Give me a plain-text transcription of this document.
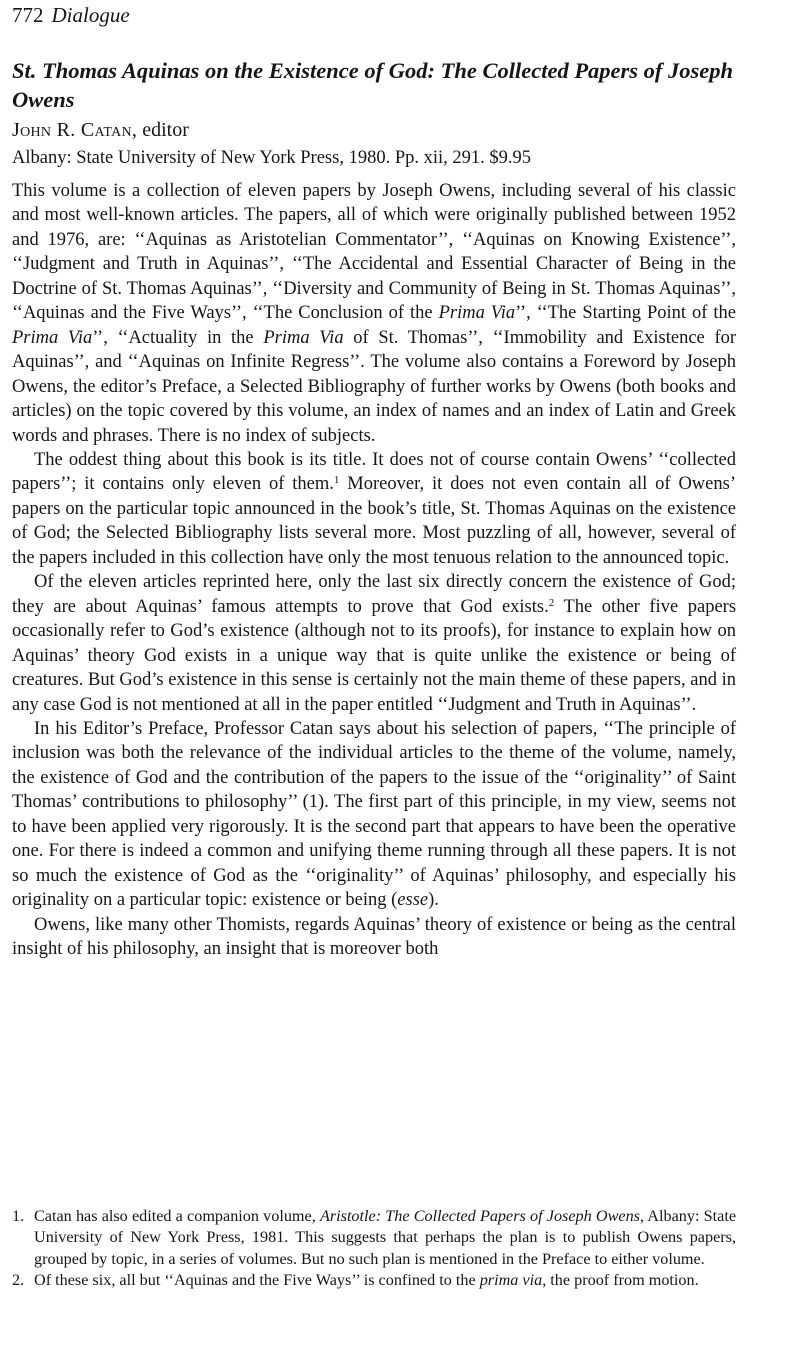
772 Dialogue
St. Thomas Aquinas on the Existence of God: The Collected Papers of Joseph Owens
John R. Catan, editor
Albany: State University of New York Press, 1980. Pp. xii, 291. $9.95

This volume is a collection of eleven papers by Joseph Owens, including several of his classic and most well-known articles. The papers, all of which were originally published between 1952 and 1976, are: ‘‘Aquinas as Aristotelian Commentator’’, ‘‘Aquinas on Knowing Existence’’, ‘‘Judgment and Truth in Aquinas’’, ‘‘The Accidental and Essential Character of Being in the Doctrine of St. Thomas Aquinas’’, ‘‘Diversity and Community of Being in St. Thomas Aquinas’’, ‘‘Aquinas and the Five Ways’’, ‘‘The Conclusion of the Prima Via’’, ‘‘The Starting Point of the Prima Via’’, ‘‘Actuality in the Prima Via of St. Thomas’’, ‘‘Immobility and Existence for Aquinas’’, and ‘‘Aquinas on Infinite Regress’’. The volume also contains a Foreword by Joseph Owens, the editor’s Preface, a Selected Bibliography of further works by Owens (both books and articles) on the topic covered by this volume, an index of names and an index of Latin and Greek words and phrases. There is no index of subjects.

The oddest thing about this book is its title. It does not of course contain Owens’ ‘‘collected papers’’; it contains only eleven of them.$^1$ Moreover, it does not even contain all of Owens’ papers on the particular topic announced in the book’s title, St. Thomas Aquinas on the existence of God; the Selected Bibliography lists several more. Most puzzling of all, however, several of the papers included in this collection have only the most tenuous relation to the announced topic.

Of the eleven articles reprinted here, only the last six directly concern the existence of God; they are about Aquinas’ famous attempts to prove that God exists.$^2$ The other five papers occasionally refer to God’s existence (although not to its proofs), for instance to explain how on Aquinas’ theory God exists in a unique way that is quite unlike the existence or being of creatures. But God’s existence in this sense is certainly not the main theme of these papers, and in any case God is not mentioned at all in the paper entitled ‘‘Judgment and Truth in Aquinas’’.

In his Editor’s Preface, Professor Catan says about his selection of papers, ‘‘The principle of inclusion was both the relevance of the individual articles to the theme of the volume, namely, the existence of God and the contribution of the papers to the issue of the ‘‘originality’’ of Saint Thomas’ contributions to philosophy’’ (1). The first part of this principle, in my view, seems not to have been applied very rigorously. It is the second part that appears to have been the operative one. For there is indeed a common and unifying theme running through all these papers. It is not so much the existence of God as the ‘‘originality’’ of Aquinas’ philosophy, and especially his originality on a particular topic: existence or being (esse).

Owens, like many other Thomists, regards Aquinas’ theory of existence or being as the central insight of his philosophy, an insight that is moreover both

1. Catan has also edited a companion volume, Aristotle: The Collected Papers of Joseph Owens, Albany: State University of New York Press, 1981. This suggests that perhaps the plan is to publish Owens papers, grouped by topic, in a series of volumes. But no such plan is mentioned in the Preface to either volume.

2. Of these six, all but ‘‘Aquinas and the Five Ways’’ is confined to the prima via, the proof from motion.
